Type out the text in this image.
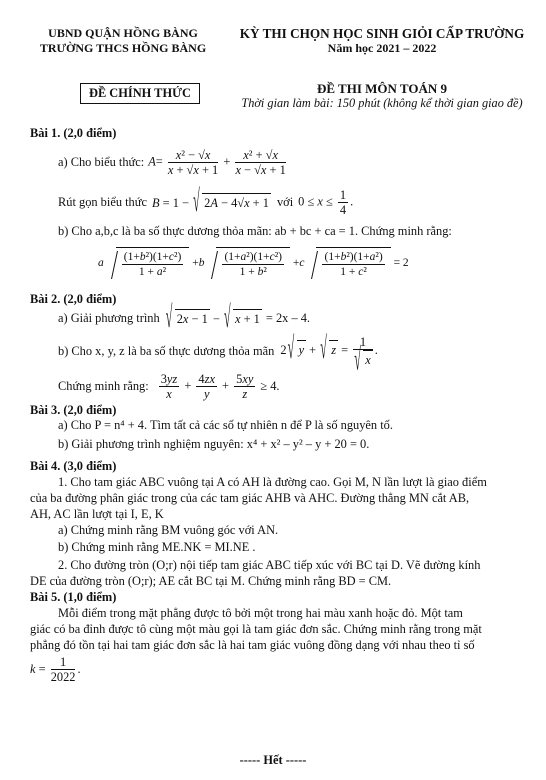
UBND QUẬN HỒNG BÀNG
TRƯỜNG THCS HỒNG BÀNG
KỲ THI CHỌN HỌC SINH GIỎI CẤP TRƯỜNG
Năm học 2021 – 2022
ĐỀ CHÍNH THỨC	ĐỀ THI MÔN TOÁN 9
Thời gian làm bài: 150 phút (không kể thời gian giao đề)
Bài 1. (2,0 điểm)
a) Cho biểu thức: $A= \frac{\text{x² − √x}}{x + √x + 1} + \frac{\text{x² + √x}}{x - √x + 1}$
Rút gọn biểu thức B = 1 − √ 2A − 4√x + 1 với $0 \le x \le \frac{1}{4}$ .
b) Cho a,b,c là ba số thực dương thỏa mãn: ab + bc + ca = 1. Chứng minh rằng:
a $\frac{\text{(1+b²)(1+c²)}}{\text{1 + a²}} + b \frac{\text{(1+a²)(1+c²)}}{\text{1 + b²}} + c \frac{\text{(1+b²)(1+a²)}}{\text{1 + c²}} = 2$
Bài 2. (2,0 điểm)
a) Giải phương trình	√ 2x − 1 − √ x + 1 = 2x – 4.
b) Cho x, y, z là ba số thực dương thỏa mãn 2 √ y + √ z = 1
√ x .
Chứng minh rằng: $\frac{3yz}{x} + \frac{4zx}{y} + \frac{5xy}{z} \ge 4$.
Bài 3. (2,0 điểm)
a) Cho P = n⁴ + 4. Tìm tất cả các số tự nhiên n để P là số nguyên tố.
b) Giải phương trình nghiệm nguyên: x⁴ + x² – y² – y + 20 = 0.
Bài 4. (3,0 điểm)
1. Cho tam giác ABC vuông tại A có AH là đường cao. Gọi M, N lần lượt là giao điểm
của ba đường phân giác trong của các tam giác AHB và AHC. Đường thẳng MN cắt AB,
AH, AC lần lượt tại I, E, K
a) Chứng minh rằng BM vuông góc với AN.
b) Chứng minh rằng ME.NK = MI.NE .
2. Cho đường tròn (O;r) nội tiếp tam giác ABC tiếp xúc với BC tại D. Vẽ đường kính
DE của đường tròn (O;r); AE cắt BC tại M. Chứng minh rằng BD = CM.
Bài 5. (1,0 điểm)
Mỗi điểm trong mặt phẳng được tô bởi một trong hai màu xanh hoặc đỏ. Một tam
giác có ba đỉnh được tô cùng một màu gọi là tam giác đơn sắc. Chứng minh rằng trong mặt
phẳng đó tồn tại hai tam giác đơn sắc là hai tam giác vuông đồng dạng với nhau theo tỉ số
$k = \frac{1}{2022}$ .
----- Hết -----
